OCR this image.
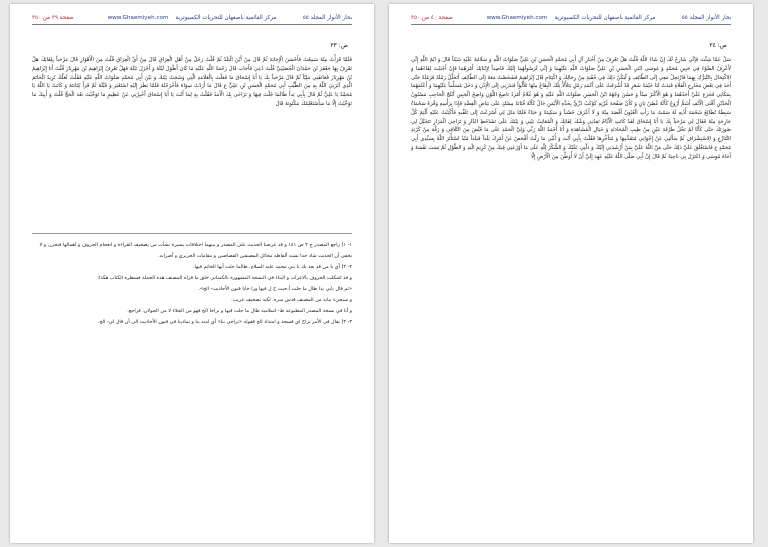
بحار الأنوار المجلد ٥٥
www.Ghaemiyeh.com مركز القائمية باصفهان للتحريات الكمبيوترية
صفحة ٣٩ من ٣٥٠
ص: ٣٣
فَلَمَّا قَرَأْتُ مِنْهُ سَمِعْتُ فَأَحْسَنَ الْإِجَابَةَ ثُمَّ قَالَ مِنْ أَيْنَ الْبَلَدُ ثُمَّ قُلْتُ رَجُلٌ مِنْ أَهْلِ الْعِرَاقِ قَالَ مِنْ أَيِّ الْعِرَاقِ قُلْتُ مِنَ الْأَهْوَازِ قَالَ مَرْحَباً بِلِقَائِكَ هَلْ تَعْرِفُ بِهَا جَعْفَرَ بْنَ حَمْدَانَ الْحُصَيْنِيَّ قُلْتُ دُعِيَ فَأَجَابَ قَالَ رَحْمَةُ اللَّهِ عَلَيْهِ مَا كَانَ أَطْوَلَ لَيْلَهُ وَ أَجْزَلَ نَيْلَهُ فَهَلْ تَعْرِفُ إِبْرَاهِيمَ بْنَ مَهْزِيَارَ قُلْتُ أَنَا إِبْرَاهِيمُ بْنُ مَهْزِيَارَ فَعَانَقَنِي مَلِيّاً ثُمَّ قَالَ مَرْحَباً بِكَ يَا أَبَا إِسْحَاقَ مَا فَعَلْتَ بِالْعَلَامَةِ الَّتِي وَشَجَتْ بَيْنَكَ وَ بَيْنَ أَبِي مُحَمَّدٍ صَلَوَاتُ اللَّهِ عَلَيْهِ فَقُلْتُ لَعَلَّكَ تُرِيدُ الْخَاتَمَ الَّذِي آثَرَنِيَ اللَّهُ بِهِ مِنَ الطَّيِّبِ أَبِي مُحَمَّدٍ الْحَسَنِ بْنِ عَلِيٍّ ع قَالَ مَا أَرَدْتُ سِوَاهُ فَأَخْرَجْتُهُ فَلَمَّا نَظَرَ إِلَيْهِ اسْتَعْبَرَ وَ قَبَّلَهُ ثُمَّ قَرَأَ كِتَابَتَهُ وَ كَانَتْ يَا اللَّهُ يَا مُحَمَّدُ يَا عَلِيُّ ثُمَّ قَالَ بِأَبِي يَداً طَالَمَا جُلْتَ فِيهَا وَ تَرَاخَى بِكَ الْأَمَدُ فَقُلْتُ بِهِ لِمَا أَنْتَ يَا أَبَا إِسْحَاقَ أَخْبِرْنِي عَنْ عَظِيمٍ مَا تَوَخَّيْتَ بَعْدَ الْحَجِّ قُلْتُ وَ أَبِيكَ مَا تَوَخَّيْتُ إِلَّا مَا سَأَسْتَعْلِمُكَ مَكْنُونَهُ قَالَ

١- ١) راجع المصدر ج ٢ ص ١٤١ و قد عرضنا الحديث على المصدر و بينهما اختلافات يسيرة نشأت من تصحيف القراءة و انعجام الحروف و اهمالها فتحرر، و لا يخفى أن الحديث شاذ جدا تشبه ألفاظه مخائل المصنفين القصاصين و مقامات الحريري و أضرابه.

٢- ٢) أي يا من قد بعد بك يا بني محمد عليه السلام. طالما جلت أيها الخاتم فيها.

و قد اشكلت الحروف بالاعراب و البناء في النسخة المشهورة بالكمباني خلق ما قراه المصنف هذه الجملة فسطره الكتاب هكذا:

«ثم قال بابي يدا طال ما جلت أ،جيت خ ل فيها ورا خايا فنون الأحاديث- الخ».

و سيجيء بيانه من المصنف قدس سره. لكنه تصحيف غريب.

و أنا في نسخة المصدر المطبوعة ط- اسلامية طال ما جلت فيها و تراخا الخ فهو من الجلاء لا من الجولان. فراجع.

٣- ٣) يقال في الأمر تراخ اي فسحة و امتداد الخ فقوله «تراخى بنا» أي امتد بنا و تمادينا في فنون الأحاديث الى أن قال لي- الخ.

بحار الأنوار المجلد ٥٥
www.Ghaemiyeh.com مركز القائمية باصفهان للتحريات الكمبيوترية
صفحة ٤٠ من ٣٥٠
ص: ٣٤
سَلْ عَمَّا شِئْتَ فَإِنِّي شَارِحٌ لَكَ إِنْ شَاءَ اللَّهُ قُلْتُ هَلْ تَعْرِفُ مِنْ أَخْبَارِ آلِ أَبِي مُحَمَّدٍ الْحَسَنِ بْنِ عَلِيٍّ صَلَوَاتُ اللَّهِ وَ سَلَامُهُ عَلَيْهِ شَيْئاً قَالَ وَ ايْمُ اللَّهِ إِنِّي لَأَعْرِفُ الضَّوْءَ فِي جَبِينِ مُحَمَّدٍ وَ مُوسَى ابْنَيِ الْحَسَنِ بْنِ عَلِيٍّ صَلَوَاتُ اللَّهِ عَلَيْهِمَا وَ إِنِّي لَرَسُولُهُمَا إِلَيْكَ قَاصِداً لِإِنْبَائِكَ أَمْرَهُمَا فَإِنْ أَحْبَبْتَ لِقَاءَهُمَا وَ الِاكْتِحَالَ بِالتَّبَرُّكِ بِهِمَا فَارْتَحِلْ مَعِي إِلَى الطَّائِفِ وَ لْيَكُنْ ذَلِكَ فِي خُفْيَةٍ مِنْ رِجَالِكَ وَ اكْتِتَامٍ قَالَ إِبْرَاهِيمُ فَشَخَصْتُ مَعَهُ إِلَى الطَّائِفِ أَتَخَلَّلُ رَمْلَةً فَرَمْلَةً حَتَّى أَخَذَ فِي بَعْضِ مَخَارِجِ الْفَلَاةِ فَبَدَتْ لَنَا خَيْمَةُ شَعَرٍ قَدْ أَشْرَفَتْ عَلَى أَكَمَةِ رَمْلٍ يَتَلَأْلَأُ تِلْكَ الْبِقَاعُ مِنْهَا تَلَأْلُؤاً فَبَدَرَنِي إِلَى الْإِذْنِ وَ دَخَلَ مُسَلِّماً عَلَيْهِمَا وَ أَعْلَمَهُمَا بِمَكَانِي فَخَرَجَ عَلَيَّ أَحَدُهُمَا وَ هُوَ الْأَكْبَرُ سِنّاً وَ حَسُنَ وَجْهُهُ ابْنُ الْحَسَنِ صَلَوَاتُ اللَّهِ عَلَيْهِ وَ هُوَ غُلَامٌ أَمْرَدُ نَاصِعُ اللَّوْنِ وَاضِحُ الْجَبِينِ أَبْلَجُ الْحَاجِبِ مَسْنُونُ الْخَدَّيْنِ أَقْنَى الْأَنْفِ أَشَمُّ أَرْوَعُ كَأَنَّهُ غُصْنُ بَانٍ وَ كَأَنَّ صَفْحَةَ غُرَّتِهِ كَوْكَبٌ دُرِّيٌّ بِخَدِّهِ الْأَيْمَنِ خَالٌ كَأَنَّهُ فُتَاتَةُ مِسْكٍ عَلَى بَيَاضِ الْفِضَّةِ فَإِذَا بِرَأْسِهِ وَفْرَةٌ سَحْمَاءُ سَبِطَةٌ تُطَالِعُ شَحْمَةَ أُذُنِهِ لَهُ سَمْتٌ مَا رَأَتِ الْعُيُونُ أَقْصَدَ مِنْهُ وَ لَا أَعْرَفَ حُسْناً وَ سَكِينَةً وَ حَيَاءً فَلَمَّا مَثَلَ لِي أَسْرَعْتُ إِلَى تَلَقِّيهِ فَأَكْبَبْتُ عَلَيْهِ أَلْثِمُ كُلَّ جَارِحَةٍ مِنْهُ فَقَالَ لِي مَرْحَباً بِكَ يَا أَبَا إِسْحَاقَ لَقَدْ كَانَتِ الْأَيَّامُ تَعِدُنِي وَشْكَ لِقَائِكَ وَ الْمُعَاتِبُ بَيْنِي وَ بَيْنَكَ عَلَى تَشَاحُطِ الدَّارِ وَ تَرَاخِي الْمَزَارِ تَتَخَيَّلُ لِي صُورَتَكَ حَتَّى كَأَنَّا لَمْ نَخْلُ طَرْفَةَ عَيْنٍ مِنْ طِيبِ الْمُحَادَثَةِ وَ خَيَالِ الْمُشَاهَدَةِ وَ أَنَا أَحْمَدُ اللَّهَ رَبِّي وَلِيَّ الْحَمْدِ عَلَى مَا قَيَّضَ مِنَ التَّلَاقِي وَ رَفَّهَ مِنْ كُرْبَةِ التَّنَازُعِ وَ الِاسْتِشْرَافِ ثُمَّ سَأَلَنِي عَنْ إِخْوَانِي مُتَقَدِّمِهَا وَ مُتَأَخِّرِهَا فَقُلْتُ بِأَبِي أَنْتَ وَ أُمِّي مَا زِلْتُ أَفْحَصُ عَنْ أَمْرِكَ بَلَداً فَبَلَداً مُنْذُ اسْتَأْثَرَ اللَّهُ بِسَيِّدِي أَبِي مُحَمَّدٍ ع فَاسْتَغْلَقَ عَلَيَّ ذَلِكَ حَتَّى مَنَّ اللَّهُ عَلَيَّ بِمَنْ أَرْشَدَنِي إِلَيْكَ وَ دَلَّنِي عَلَيْكَ وَ الشُّكْرُ لِلَّهِ عَلَى مَا أَوْزَعَنِي فِيكَ مِنْ كَرِيمِ الْيَدِ وَ الطَّوْلِ ثُمَّ نَسَبَ نَفْسَهُ وَ أَخَاهُ مُوسَى وَ اعْتَزَلَ بِي نَاحِيَةً ثُمَّ قَالَ إِنَّ أَبِي صَلَّى اللَّهُ عَلَيْهِ عَهِدَ إِلَيَّ أَنْ لَا أُوَطِّنَ مِنَ الْأَرْضِ إِلَّا
